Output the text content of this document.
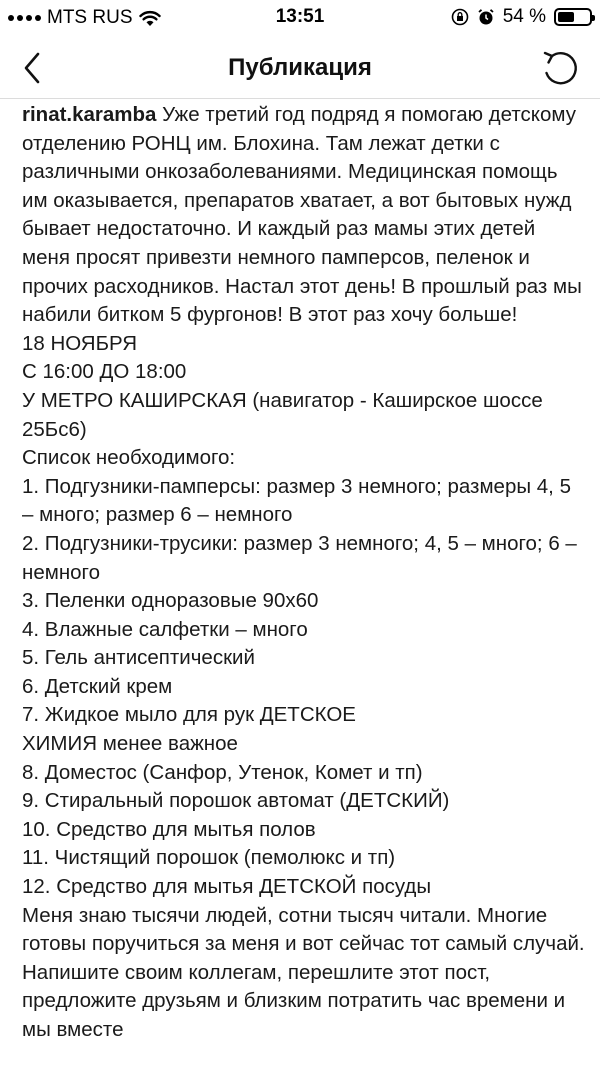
MTS RUS	13:51	54 %
Публикация
rinat.karamba Уже третий год подряд я помогаю детскому отделению РОНЦ им. Блохина. Там лежат детки с различными онкозаболеваниями. Медицинская помощь им оказывается, препаратов хватает, а вот бытовых нужд бывает недостаточно. И каждый раз мамы этих детей меня просят привезти немного памперсов, пеленок и прочих расходников. Настал этот день! В прошлый раз мы набили битком 5 фургонов! В этот раз хочу больше!
18 НОЯБРЯ
С 16:00 ДО 18:00
У МЕТРО КАШИРСКАЯ (навигатор - Каширское шоссе 25Бс6)
Список необходимого:
1. Подгузники-памперсы: размер 3 немного; размеры 4, 5 – много; размер 6 – немного
2. Подгузники-трусики: размер 3 немного; 4, 5 – много; 6 – немного
3. Пеленки одноразовые 90х60
4. Влажные салфетки – много
5. Гель антисептический
6. Детский крем
7. Жидкое мыло для рук ДЕТСКОЕ
ХИМИЯ менее важное
8. Доместос (Санфор, Утенок, Комет и тп)
9. Стиральный порошок автомат (ДЕТСКИЙ)
10. Средство для мытья полов
11. Чистящий порошок (пемолюкс и тп)
12. Средство для мытья ДЕТСКОЙ посуды
Меня знаю тысячи людей, сотни тысяч читали. Многие готовы поручиться за меня и вот сейчас тот самый случай. Напишите своим коллегам, перешлите этот пост, предложите друзьям и близким потратить час времени и мы вместе
